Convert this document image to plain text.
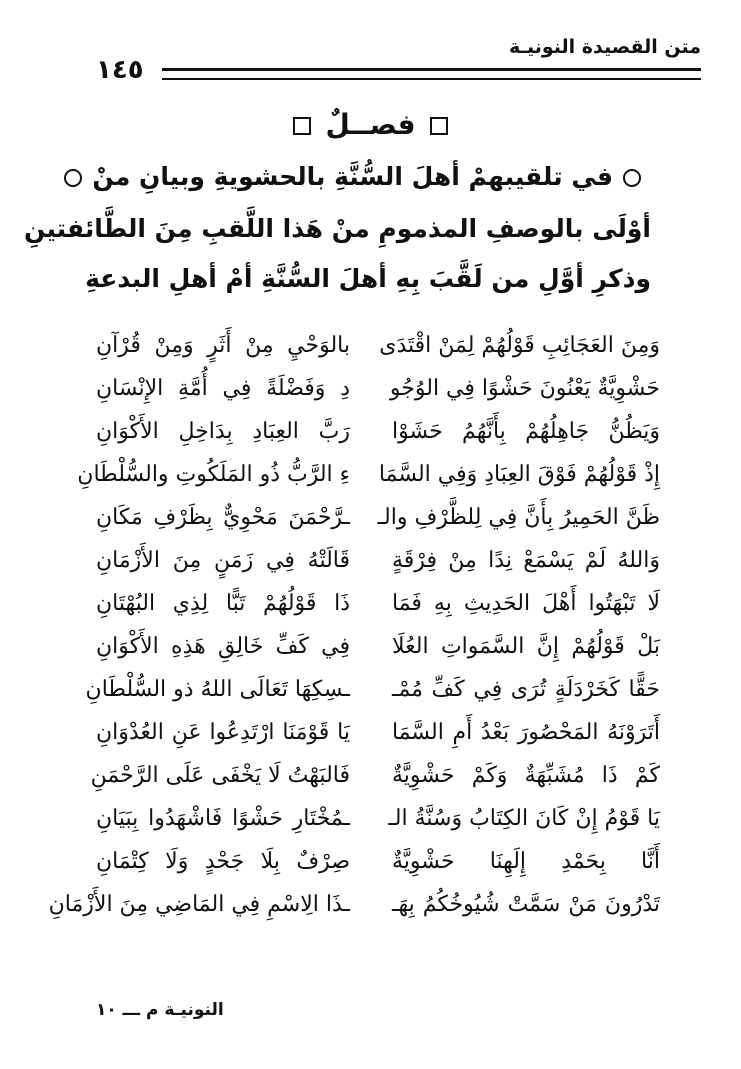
متن القصيدة النونيـة
١٤٥
فصــلٌ
في تلقيبهمْ أهلَ السُّنَّةِ بالحشويةِ وبيانِ منْ
أوْلَى بالوصفِ المذمومِ منْ هَذا اللَّقبِ مِنَ الطَّائفتينِ
وذكرِ أوَّلِ من لَقَّبَ بِهِ أهلَ السُّنَّةِ أمْ أهلِ البدعةِ
وَمِنَ العَجَائِبِ قَوْلُهُمْ لِمَنْ اقْتَدَى
بالوَحْيِ مِنْ أَثَرٍ وَمِنْ قُرْآنِ
حَشْوِيَّةٌ يَعْنُونَ حَشْوًا فِي الوُجُو
دِ وَفَضْلَةً فِي أُمَّةِ الإِنْسَانِ
وَيَظُنُّ جَاهِلُهُمْ بِأَنَّهُمُ حَشَوْا
رَبَّ العِبَادِ بِدَاخِلِ الأَكْوَانِ
إِذْ قَوْلُهُمْ فَوْقَ العِبَادِ وَفِي السَّمَا
ءِ الرَّبُّ ذُو المَلَكُوتِ والسُّلْطَانِ
ظَنَّ الحَمِيرُ بِأَنَّ فِي لِلظَّرْفِ والـ
ـرَّحْمَنَ مَحْوِيٌّ بِظَرْفِ مَكَانِ
وَاللهُ لَمْ يَسْمَعْ نِدًا مِنْ فِرْقَةٍ
قَالَتْهُ فِي زَمَنٍ مِنَ الأَزْمَانِ
لَا تَبْهَتُوا أَهْلَ الحَدِيثِ بِهِ فَمَا
ذَا قَوْلُهُمْ تَبًّا لِذِي البُهْتَانِ
بَلْ قَوْلُهُمْ إِنَّ السَّمَواتِ العُلَا
فِي كَفِّ خَالِقِ هَذِهِ الأَكْوَانِ
حَقًّا كَخَرْدَلَةٍ تُرَى فِي كَفِّ مُمْـ
ـسِكِهَا تَعَالَى اللهُ ذو السُّلْطَانِ
أَتَرَوْنَهُ المَحْصُورَ بَعْدُ أَمِ السَّمَا
يَا قَوْمَنَا ارْتَدِعُوا عَنِ العُدْوَانِ
كَمْ ذَا مُشَبِّهَةٌ وَكَمْ حَشْوِيَّةٌ
فَالبَهْتُ لَا يَخْفَى عَلَى الرَّحْمَنِ
يَا قَوْمُ إِنْ كَانَ الكِتَابُ وَسُنَّةُ الـ
ـمُخْتَارِ حَشْوًا فَاشْهَدُوا بِبَيَانِ
أَنَّا بِحَمْدِ إِلَهِنَا حَشْوِيَّةٌ
صِرْفٌ بِلَا جَحْدٍ وَلَا كِتْمَانِ
تَدْرُونَ مَنْ سَمَّتْ شُيُوخُكُمُ بِهَـ
ـذَا الِاسْمِ فِي المَاضِي مِنَ الأَزْمَانِ
النونيـة م ـــ ١٠
